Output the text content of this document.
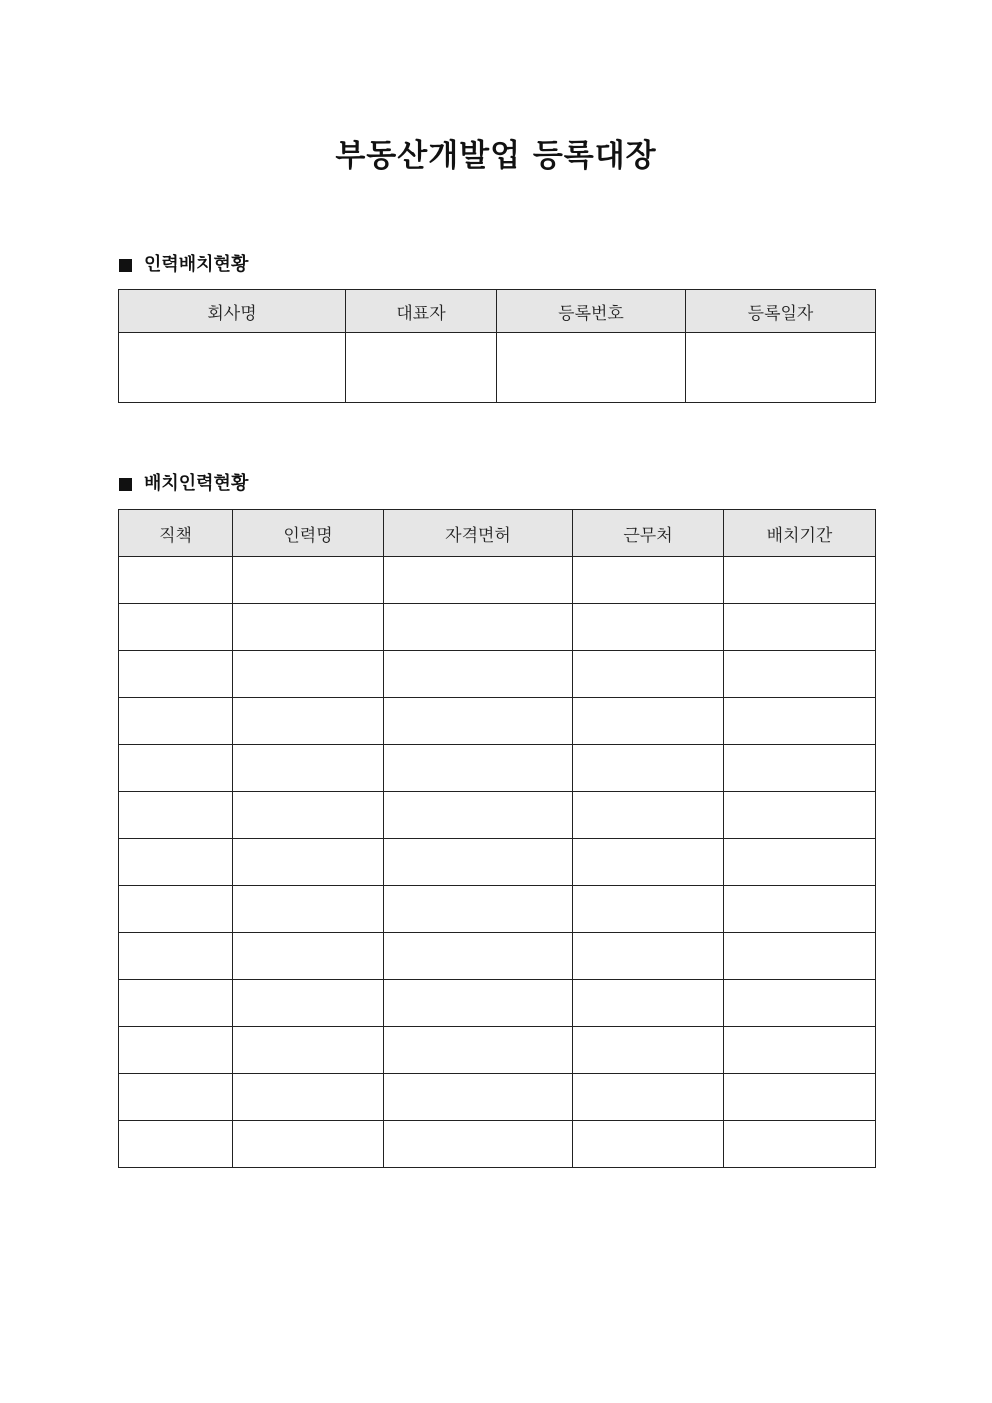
부동산개발업 등록대장
인력배치현황
회사명	대표자	등록번호	등록일자

배치인력현황
직책	인력명	자격면허	근무처	배치기간
